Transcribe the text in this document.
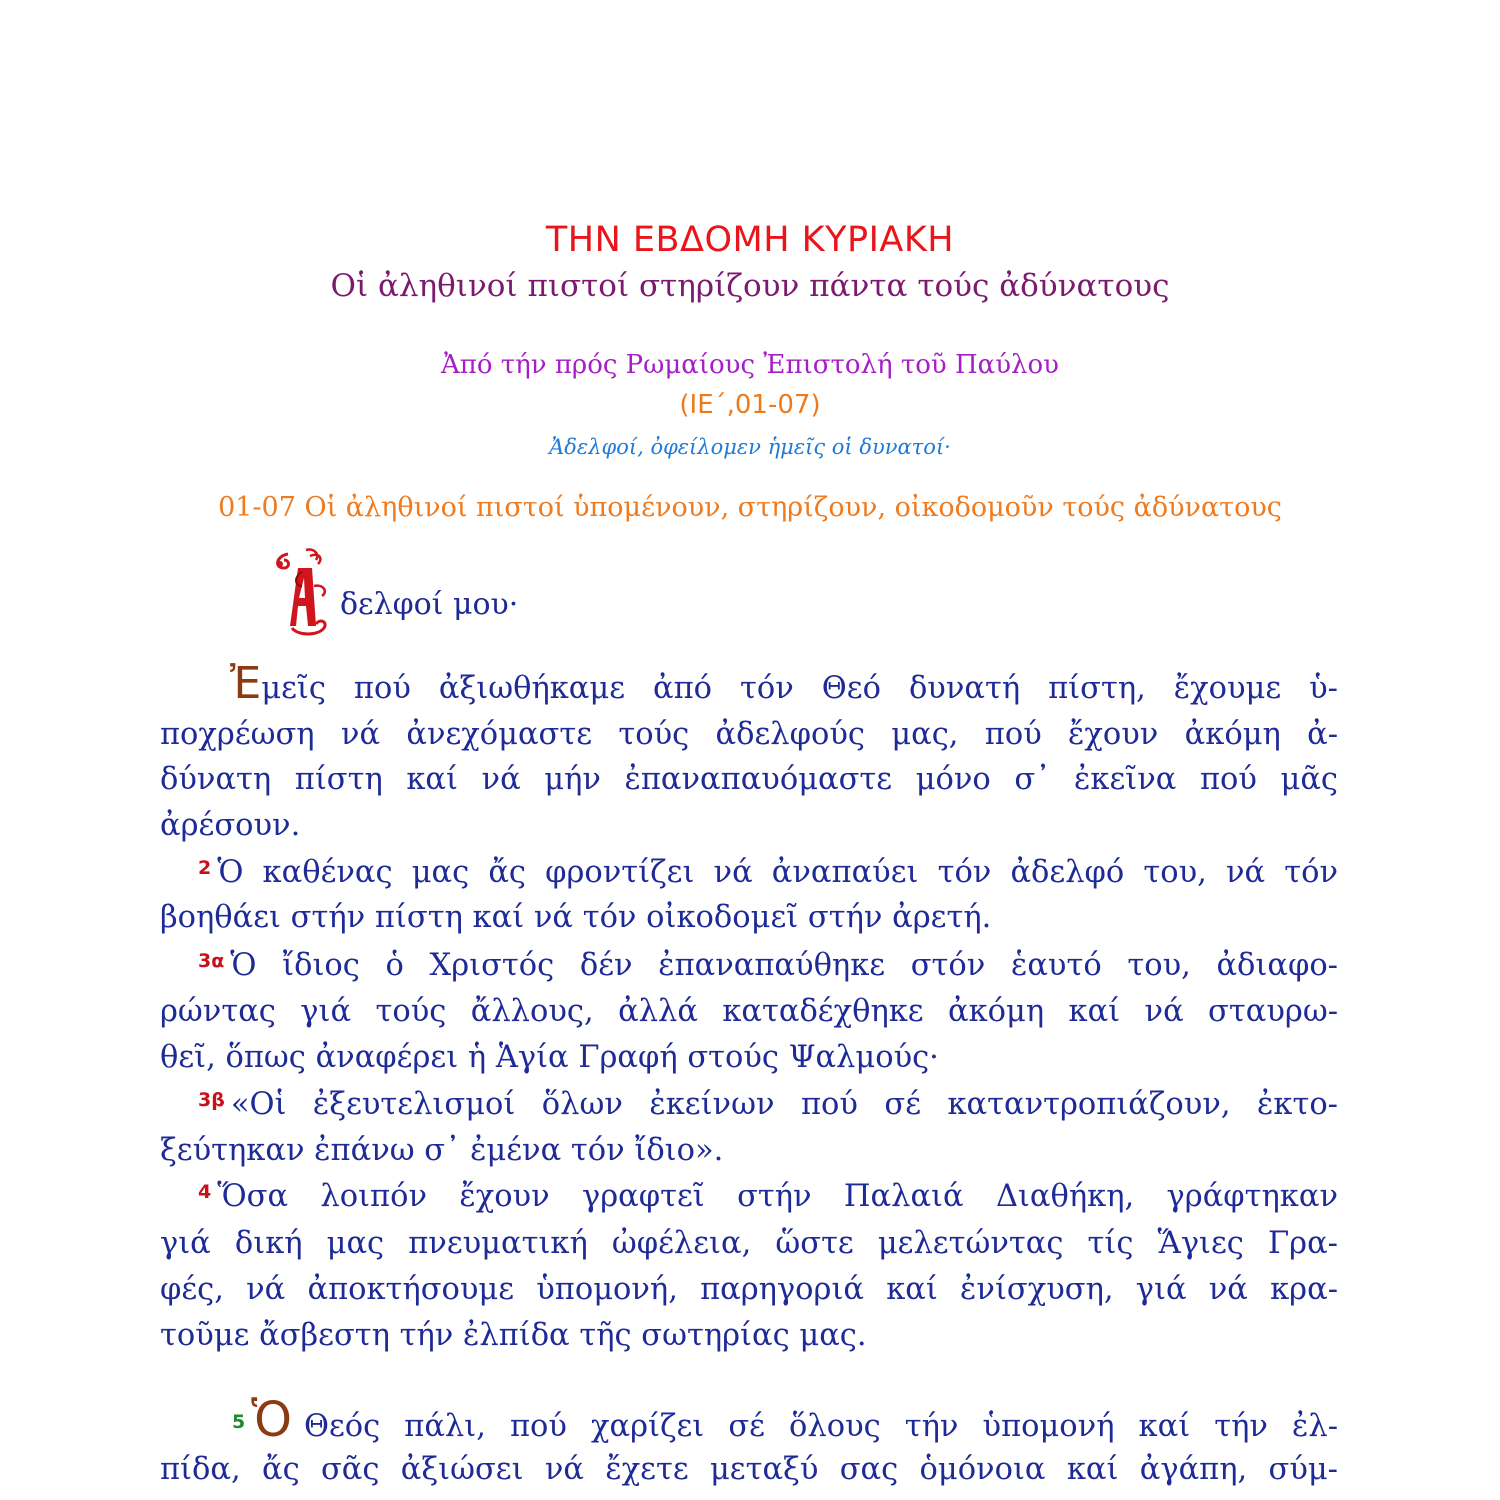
ΤΗΝ ΕΒΔΟΜΗ ΚΥΡΙΑΚΗ
Οἱ ἀληθινοί πιστοί στηρίζουν πάντα τούς ἀδύνατους
Ἀπό τήν πρός Ρωμαίους Ἐπιστολή τοῦ Παύλου
(ΙΕ΄,01-07)
Ἀδελφοί, ὀφείλομεν ἡμεῖς οἱ δυνατοί·
01-07 Οἱ ἀληθινοί πιστοί ὑπομένουν, στηρίζουν, οἰκοδομοῦν τούς ἀδύνατους
δελφοί μου·
Ἐμεῖς πού ἀξιωθήκαμε ἀπό τόν Θεό δυνατή πίστη, ἔχουμε ὑ-
ποχρέωση νά ἀνεχόμαστε τούς ἀδελφούς μας, πού ἔχουν ἀκόμη ἀ-
δύνατη πίστη καί νά μήν ἐπαναπαυόμαστε μόνο σ᾽ ἐκεῖνα πού μᾶς
ἀρέσουν.
$^2$ Ὁ καθένας μας ἄς φροντίζει νά ἀναπαύει τόν ἀδελφό του, νά τόν
βοηθάει στήν πίστη καί νά τόν οἰκοδομεῖ στήν ἀρετή.
$^{3\alpha}$ Ὁ ἴδιος ὁ Χριστός δέν ἐπαναπαύθηκε στόν ἑαυτό του, ἀδιαφο-
ρώντας γιά τούς ἄλλους, ἀλλά καταδέχθηκε ἀκόμη καί νά σταυρω-
θεῖ, ὅπως ἀναφέρει ἡ Ἁγία Γραφή στούς Ψαλμούς·
$^{3\beta}$ «Οἱ ἐξευτελισμοί ὅλων ἐκείνων πού σέ καταντροπιάζουν, ἐκτο-
ξεύτηκαν ἐπάνω σ᾽ ἐμένα τόν ἴδιο».
$^4$ Ὅσα λοιπόν ἔχουν γραφτεῖ στήν Παλαιά Διαθήκη, γράφτηκαν
γιά δική μας πνευματική ὠφέλεια, ὥστε μελετώντας τίς Ἅγιες Γρα-
φές, νά ἀποκτήσουμε ὑπομονή, παρηγοριά καί ἐνίσχυση, γιά νά κρα-
τοῦμε ἄσβεστη τήν ἐλπίδα τῆς σωτηρίας μας.
$^5$ Ὁ Θεός πάλι, πού χαρίζει σέ ὅλους τήν ὑπομονή καί τήν ἐλ-
πίδα, ἄς σᾶς ἀξιώσει νά ἔχετε μεταξύ σας ὁμόνοια καί ἀγάπη, σύμ-
